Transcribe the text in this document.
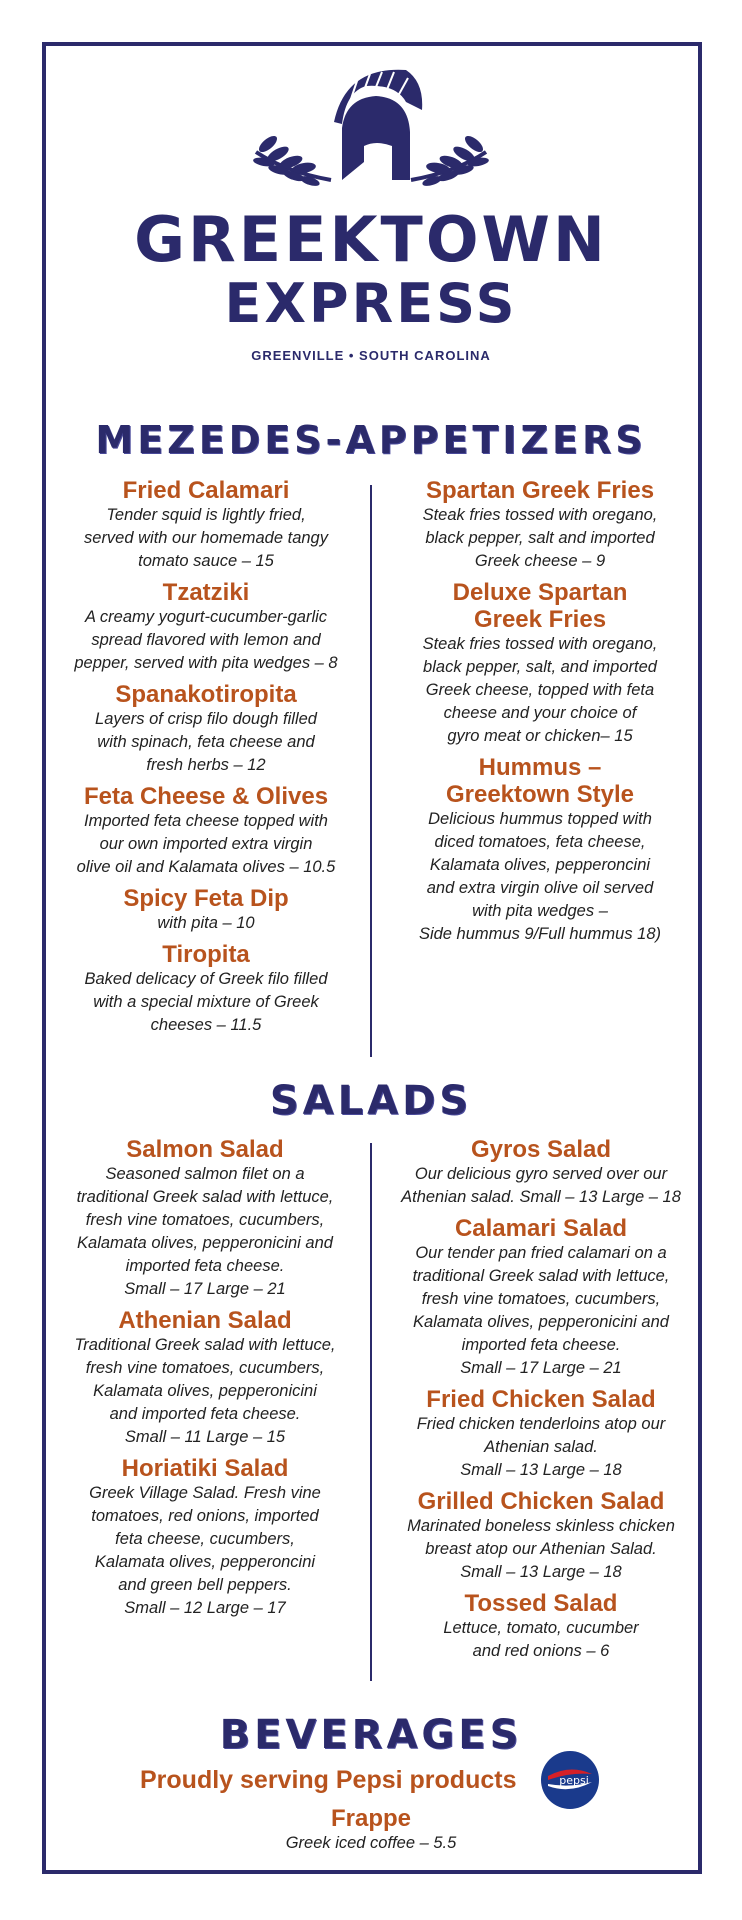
GREEKTOWN
EXPRESS
GREENVILLE • SOUTH CAROLINA
MEZEDES-APPETIZERS
Fried Calamari
Tender squid is lightly fried,
served with our homemade tangy
tomato sauce – 15
Tzatziki
A creamy yogurt-cucumber-garlic
spread flavored with lemon and
pepper, served with pita wedges – 8
Spanakotiropita
Layers of crisp filo dough filled
with spinach, feta cheese and
fresh herbs – 12
Feta Cheese & Olives
Imported feta cheese topped with
our own imported extra virgin
olive oil and Kalamata olives – 10.5
Spicy Feta Dip
with pita – 10
Tiropita
Baked delicacy of Greek filo filled
with a special mixture of Greek
cheeses – 11.5
Spartan Greek Fries
Steak fries tossed with oregano,
black pepper, salt and imported
Greek cheese – 9
Deluxe Spartan
Greek Fries
Steak fries tossed with oregano,
black pepper, salt, and imported
Greek cheese, topped with feta
cheese and your choice of
gyro meat or chicken– 15
Hummus –
Greektown Style
Delicious hummus topped with
diced tomatoes, feta cheese,
Kalamata olives, pepperoncini
and extra virgin olive oil served
with pita wedges –
Side hummus 9/Full hummus 18)
SALADS
Salmon Salad
Seasoned salmon filet on a
traditional Greek salad with lettuce,
fresh vine tomatoes, cucumbers,
Kalamata olives, pepperonicini and
imported feta cheese.
Small – 17 Large – 21
Athenian Salad
Traditional Greek salad with lettuce,
fresh vine tomatoes, cucumbers,
Kalamata olives, pepperonicini
and imported feta cheese.
Small – 11 Large – 15
Horiatiki Salad
Greek Village Salad. Fresh vine
tomatoes, red onions, imported
feta cheese, cucumbers,
Kalamata olives, pepperoncini
and green bell peppers.
Small – 12 Large – 17
Gyros Salad
Our delicious gyro served over our
Athenian salad. Small – 13 Large – 18
Calamari Salad
Our tender pan fried calamari on a
traditional Greek salad with lettuce,
fresh vine tomatoes, cucumbers,
Kalamata olives, pepperonicini and
imported feta cheese.
Small – 17 Large – 21
Fried Chicken Salad
Fried chicken tenderloins atop our
Athenian salad.
Small – 13 Large – 18
Grilled Chicken Salad
Marinated boneless skinless chicken
breast atop our Athenian Salad.
Small – 13 Large – 18
Tossed Salad
Lettuce, tomato, cucumber
and red onions – 6
BEVERAGES
Proudly serving Pepsi products	pepsi
Frappe
Greek iced coffee – 5.5
